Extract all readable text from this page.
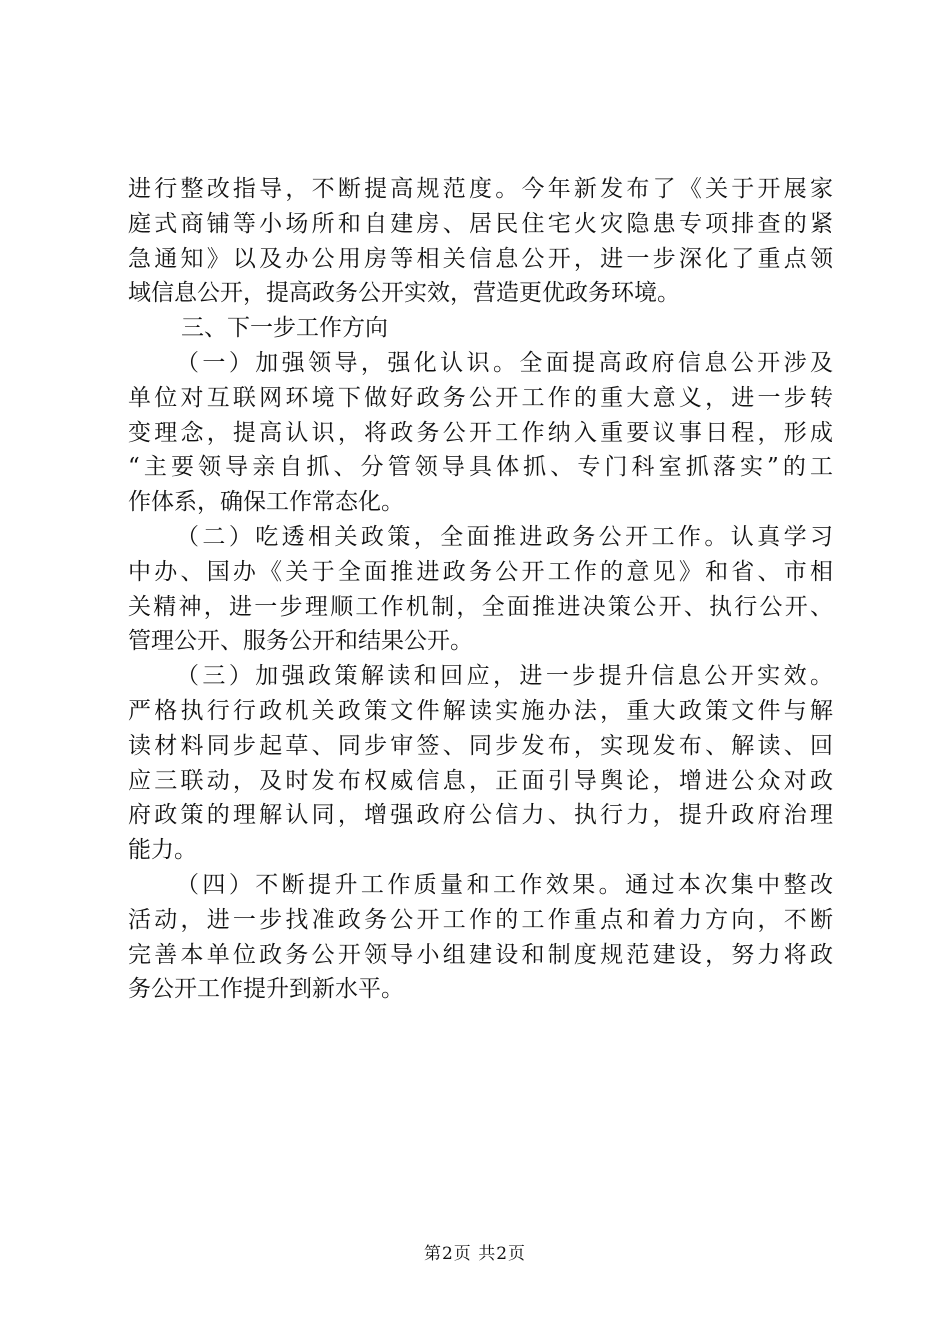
进行整改指导，不断提高规范度。今年新发布了《关于开展家
庭式商铺等小场所和自建房、居民住宅火灾隐患专项排查的紧
急通知》以及办公用房等相关信息公开，进一步深化了重点领
域信息公开，提高政务公开实效，营造更优政务环境。
三、下一步工作方向
（一）加强领导，强化认识。全面提高政府信息公开涉及
单位对互联网环境下做好政务公开工作的重大意义，进一步转
变理念，提高认识，将政务公开工作纳入重要议事日程，形成
“主要领导亲自抓、分管领导具体抓、专门科室抓落实”的工
作体系，确保工作常态化。
（二）吃透相关政策，全面推进政务公开工作。认真学习
中办、国办《关于全面推进政务公开工作的意见》和省、市相
关精神，进一步理顺工作机制，全面推进决策公开、执行公开、
管理公开、服务公开和结果公开。
（三）加强政策解读和回应，进一步提升信息公开实效。
严格执行行政机关政策文件解读实施办法，重大政策文件与解
读材料同步起草、同步审签、同步发布，实现发布、解读、回
应三联动，及时发布权威信息，正面引导舆论，增进公众对政
府政策的理解认同，增强政府公信力、执行力，提升政府治理
能力。
（四）不断提升工作质量和工作效果。通过本次集中整改
活动，进一步找准政务公开工作的工作重点和着力方向，不断
完善本单位政务公开领导小组建设和制度规范建设，努力将政
务公开工作提升到新水平。
第2页 共2页
